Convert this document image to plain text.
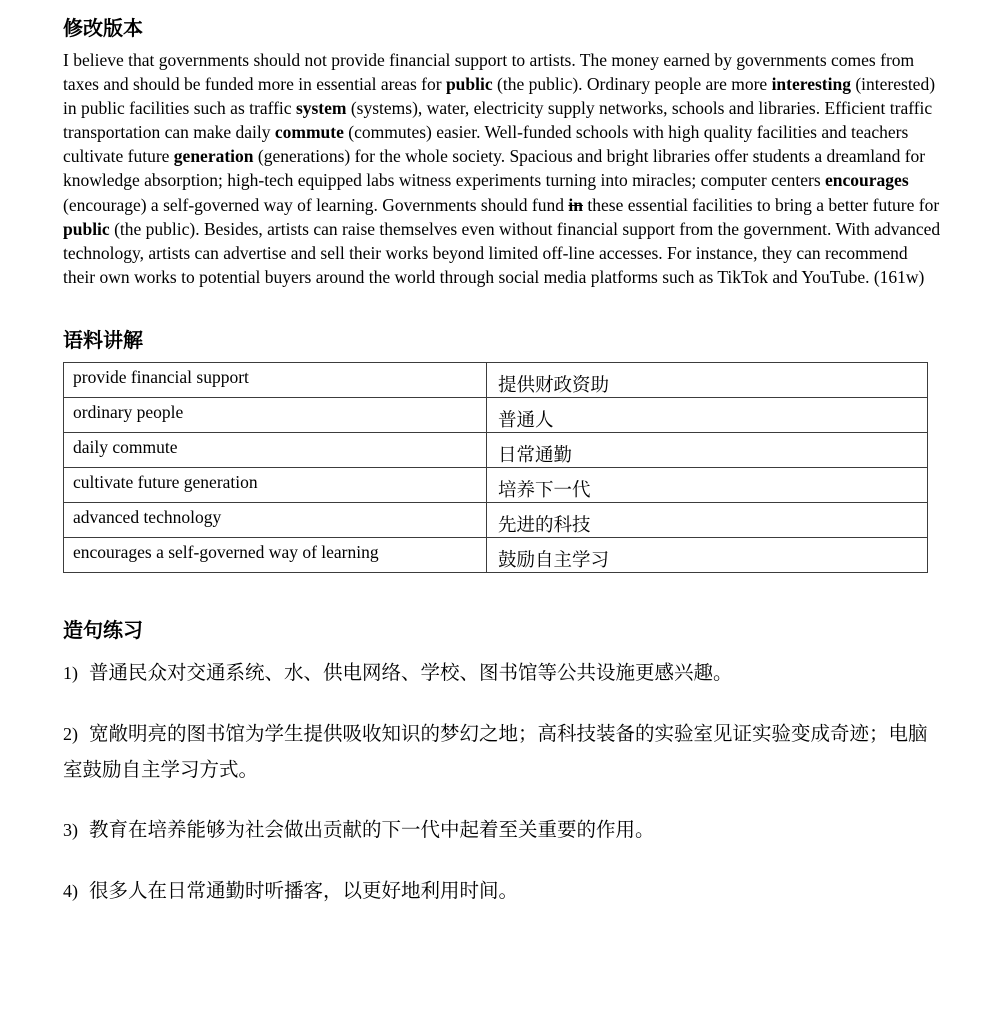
修改版本

I believe that governments should not provide financial support to artists. The money earned by governments comes from taxes and should be funded more in essential areas for public (the public). Ordinary people are more interesting (interested) in public facilities such as traffic system (systems), water, electricity supply networks, schools and libraries. Efficient traffic transportation can make daily commute (commutes) easier. Well-funded schools with high quality facilities and teachers cultivate future generation (generations) for the whole society. Spacious and bright libraries offer students a dreamland for knowledge absorption; high-tech equipped labs witness experiments turning into miracles; computer centers encourages (encourage) a self-governed way of learning. Governments should fund in these essential facilities to bring a better future for public (the public). Besides, artists can raise themselves even without financial support from the government. With advanced technology, artists can advertise and sell their works beyond limited off-line accesses. For instance, they can recommend their own works to potential buyers around the world through social media platforms such as TikTok and YouTube. (161w)

语料讲解
provide financial support	提供财政资助
ordinary people	普通人
daily commute	日常通勤
cultivate future generation	培养下一代
advanced technology	先进的科技
encourages a self-governed way of learning	鼓励自主学习
造句练习

1) 普通民众对交通系统、水、供电网络、学校、图书馆等公共设施更感兴趣。

2) 宽敞明亮的图书馆为学生提供吸收知识的梦幻之地；高科技装备的实验室见证实验变成奇迹；电脑室鼓励自主学习方式。

3) 教育在培养能够为社会做出贡献的下一代中起着至关重要的作用。

4) 很多人在日常通勤时听播客，以更好地利用时间。
